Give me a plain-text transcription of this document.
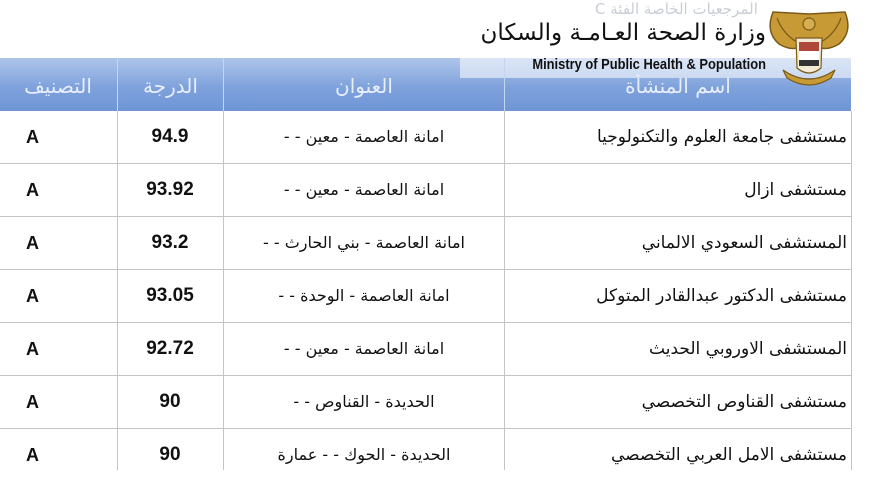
المرجعيات الخاصة الفئة C
التصنيف	الدرجة	العنوان	اسم المنشأة
وزارة الصحة العـامـة والسكان
Ministry of Public Health & Population
A	94.9	امانة العاصمة - معين - -	مستشفى جامعة العلوم والتكنولوجيا
A	93.92	امانة العاصمة - معين - -	مستشفى ازال
A	93.2	امانة العاصمة - بني الحارث - -	المستشفى السعودي الالماني
A	93.05	امانة العاصمة - الوحدة - -	مستشفى الدكتور عبدالقادر المتوكل
A	92.72	امانة العاصمة - معين - -	المستشفى الاوروبي الحديث
A	90	الحديدة - القناوص - -	مستشفى القناوص التخصصي
A	90	الحديدة - الحوك - - عمارة	مستشفى الامل العربي التخصصي
